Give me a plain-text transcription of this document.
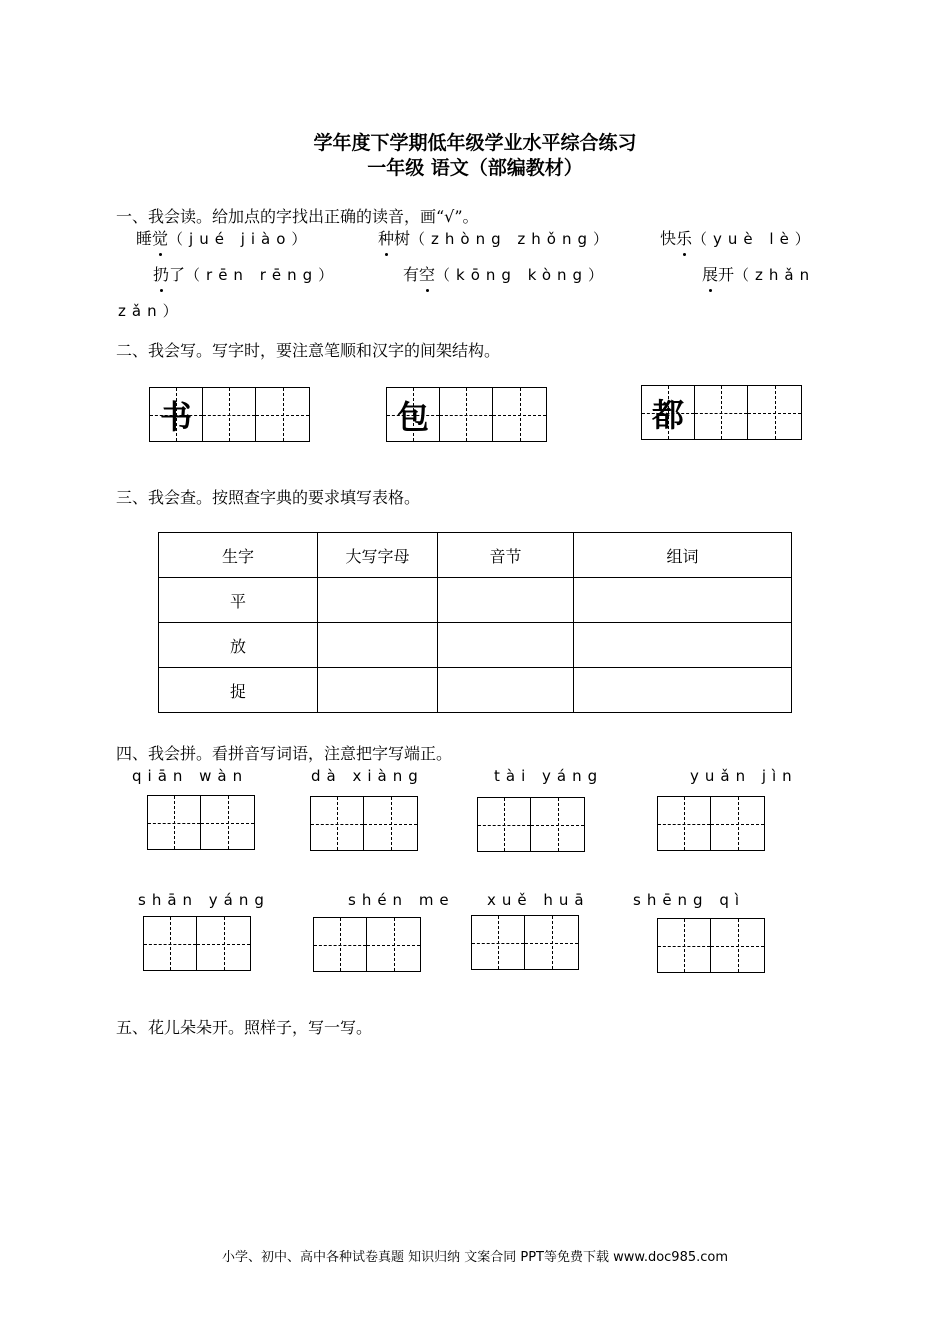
学年度下学期低年级学业水平综合练习
一年级 语文（部编教材）
一、我会读。给加点的字找出正确的读音，画“√”。
睡觉（jué jiào）	种树（zhòng zhǒng）	快乐（yuè lè）
扔了（rēn rēng）	有空（kōng kòng）	展开（zhǎn
zǎn）
二、我会写。写字时，要注意笔顺和汉字的间架结构。
书	包	都
三、我会查。按照查字典的要求填写表格。
生字	大写字母	音节	组词
平			
放			
捉			
四、我会拼。看拼音写词语，注意把字写端正。
qiān wàn	dà xiàng	tài yáng	yuǎn jìn
shān yáng	shén me xuě huā	shēng qì
五、花儿朵朵开。照样子，写一写。
小学、初中、高中各种试卷真题 知识归纳 文案合同 PPT等免费下载 www.doc985.com
